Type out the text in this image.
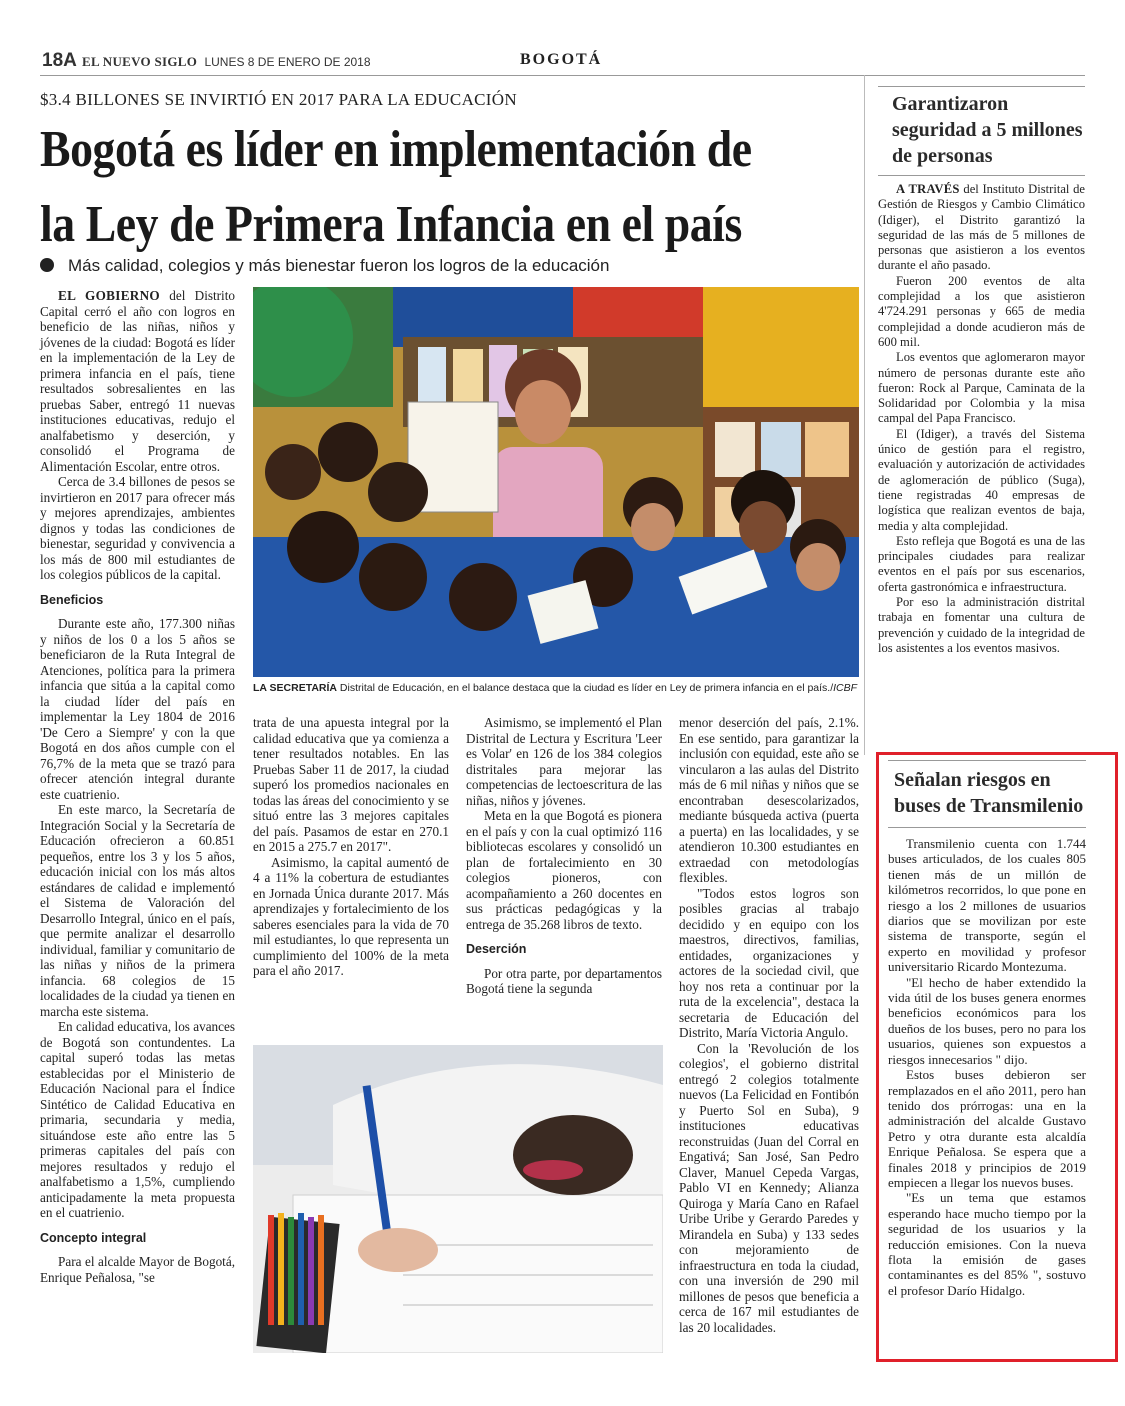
18A EL NUEVO SIGLO LUNES 8 DE ENERO DE 2018	BOGOTÁ
$3.4 BILLONES SE INVIRTIÓ EN 2017 PARA LA EDUCACIÓN
Bogotá es líder en implementación de
la Ley de Primera Infancia en el país
Más calidad, colegios y más bienestar fueron los logros de la educación

EL GOBIERNO del Distrito Capital cerró el año con logros en beneficio de las niñas, niños y jóvenes de la ciudad: Bogotá es líder en la implementación de la Ley de primera infancia en el país, tiene resultados sobresalientes en las pruebas Saber, entregó 11 nuevas instituciones educativas, redujo el analfabetismo y deserción, y consolidó el Programa de Alimentación Escolar, entre otros.

Cerca de 3.4 billones de pesos se invirtieron en 2017 para ofrecer más y mejores aprendizajes, ambientes dignos y todas las condiciones de bienestar, seguridad y convivencia a los más de 800 mil estudiantes de los colegios públicos de la capital.

Beneficios

Durante este año, 177.300 niñas y niños de los 0 a los 5 años se beneficiaron de la Ruta Integral de Atenciones, política para la primera infancia que sitúa a la capital como la ciudad líder del país en implementar la Ley 1804 de 2016 'De Cero a Siempre' y con la que Bogotá en dos años cumple con el 76,7% de la meta que se trazó para ofrecer atención integral durante este cuatrienio.

En este marco, la Secretaría de Integración Social y la Secretaría de Educación ofrecieron a 60.851 pequeños, entre los 3 y los 5 años, educación inicial con los más altos estándares de calidad e implementó el Sistema de Valoración del Desarrollo Integral, único en el país, que permite analizar el desarrollo individual, familiar y comunitario de las niñas y niños de la primera infancia. 68 colegios de 15 localidades de la ciudad ya tienen en marcha este sistema.

En calidad educativa, los avances de Bogotá son contundentes. La capital superó todas las metas establecidas por el Ministerio de Educación Nacional para el Índice Sintético de Calidad Educativa en primaria, secundaria y media, situándose este año entre las 5 primeras capitales del país con mejores resultados y redujo el analfabetismo a 1,5%, cumpliendo anticipadamente la meta propuesta en el cuatrienio.

Concepto integral

Para el alcalde Mayor de Bogotá, Enrique Peñalosa, "se

LA SECRETARÍA Distrital de Educación, en el balance destaca que la ciudad es líder en Ley de primera infancia en el país./ICBF

trata de una apuesta integral por la calidad educativa que ya comienza a tener resultados notables. En las Pruebas Saber 11 de 2017, la ciudad superó los promedios nacionales en todas las áreas del conocimiento y se situó entre las 3 mejores capitales del país. Pasamos de estar en 270.1 en 2015 a 275.7 en 2017".

Asimismo, la capital aumentó de 4 a 11% la cobertura de estudiantes en Jornada Única durante 2017. Más aprendizajes y fortalecimiento de los saberes esenciales para la vida de 70 mil estudiantes, lo que representa un cumplimiento del 100% de la meta para el año 2017.

Asimismo, se implementó el Plan Distrital de Lectura y Escritura 'Leer es Volar' en 126 de los 384 colegios distritales para mejorar las competencias de lectoescritura de las niñas, niños y jóvenes.

Meta en la que Bogotá es pionera en el país y con la cual optimizó 116 bibliotecas escolares y consolidó un plan de fortalecimiento en 30 colegios pioneros, con acompañamiento a 260 docentes en sus prácticas pedagógicas y la entrega de 35.268 libros de texto.

Deserción

Por otra parte, por departamentos Bogotá tiene la segunda

menor deserción del país, 2.1%. En ese sentido, para garantizar la inclusión con equidad, este año se vincularon a las aulas del Distrito más de 6 mil niñas y niños que se encontraban desescolarizados, mediante búsqueda activa (puerta a puerta) en las localidades, y se atendieron 10.300 estudiantes en extraedad con metodologías flexibles.

"Todos estos logros son posibles gracias al trabajo decidido y en equipo con los maestros, directivos, familias, entidades, organizaciones y actores de la sociedad civil, que hoy nos reta a continuar por la ruta de la excelencia", destaca la secretaria de Educación del Distrito, María Victoria Angulo.

Con la 'Revolución de los colegios', el gobierno distrital entregó 2 colegios totalmente nuevos (La Felicidad en Fontibón y Puerto Sol en Suba), 9 instituciones educativas reconstruidas (Juan del Corral en Engativá; San José, San Pedro Claver, Manuel Cepeda Vargas, Pablo VI en Kennedy; Alianza Quiroga y María Cano en Rafael Uribe Uribe y Gerardo Paredes y Mirandela en Suba) y 133 sedes con mejoramiento de infraestructura en toda la ciudad, con una inversión de 290 mil millones de pesos que beneficia a cerca de 167 mil estudiantes de las 20 localidades.

Garantizaron seguridad a 5 millones de personas

A TRAVÉS del Instituto Distrital de Gestión de Riesgos y Cambio Climático (Idiger), el Distrito garantizó la seguridad de las más de 5 millones de personas que asistieron a los eventos durante el año pasado.

Fueron 200 eventos de alta complejidad a los que asistieron 4'724.291 personas y 665 de media complejidad a donde acudieron más de 600 mil.

Los eventos que aglomeraron mayor número de personas durante este año fueron: Rock al Parque, Caminata de la Solidaridad por Colombia y la misa campal del Papa Francisco.

El (Idiger), a través del Sistema único de gestión para el registro, evaluación y autorización de actividades de aglomeración de público (Suga), tiene registradas 40 empresas de logística que realizan eventos de baja, media y alta complejidad.

Esto refleja que Bogotá es una de las principales ciudades para realizar eventos en el país por sus escenarios, oferta gastronómica e infraestructura.

Por eso la administración distrital trabaja en fomentar una cultura de prevención y cuidado de la integridad de los asistentes a los eventos masivos.

Señalan riesgos en buses de Transmilenio

Transmilenio cuenta con 1.744 buses articulados, de los cuales 805 tienen más de un millón de kilómetros recorridos, lo que pone en riesgo a los 2 millones de usuarios diarios que se movilizan por este sistema de transporte, según el experto en movilidad y profesor universitario Ricardo Montezuma.

"El hecho de haber extendido la vida útil de los buses genera enormes beneficios económicos para los dueños de los buses, pero no para los usuarios, quienes son expuestos a riesgos innecesarios " dijo.

Estos buses debieron ser remplazados en el año 2011, pero han tenido dos prórrogas: una en la administración del alcalde Gustavo Petro y otra durante esta alcaldía Enrique Peñalosa. Se espera que a finales 2018 y principios de 2019 empiecen a llegar los nuevos buses.

"Es un tema que estamos esperando hace mucho tiempo por la seguridad de los usuarios y la reducción emisiones. Con la nueva flota la emisión de gases contaminantes es del 85% ", sostuvo el profesor Darío Hidalgo.
